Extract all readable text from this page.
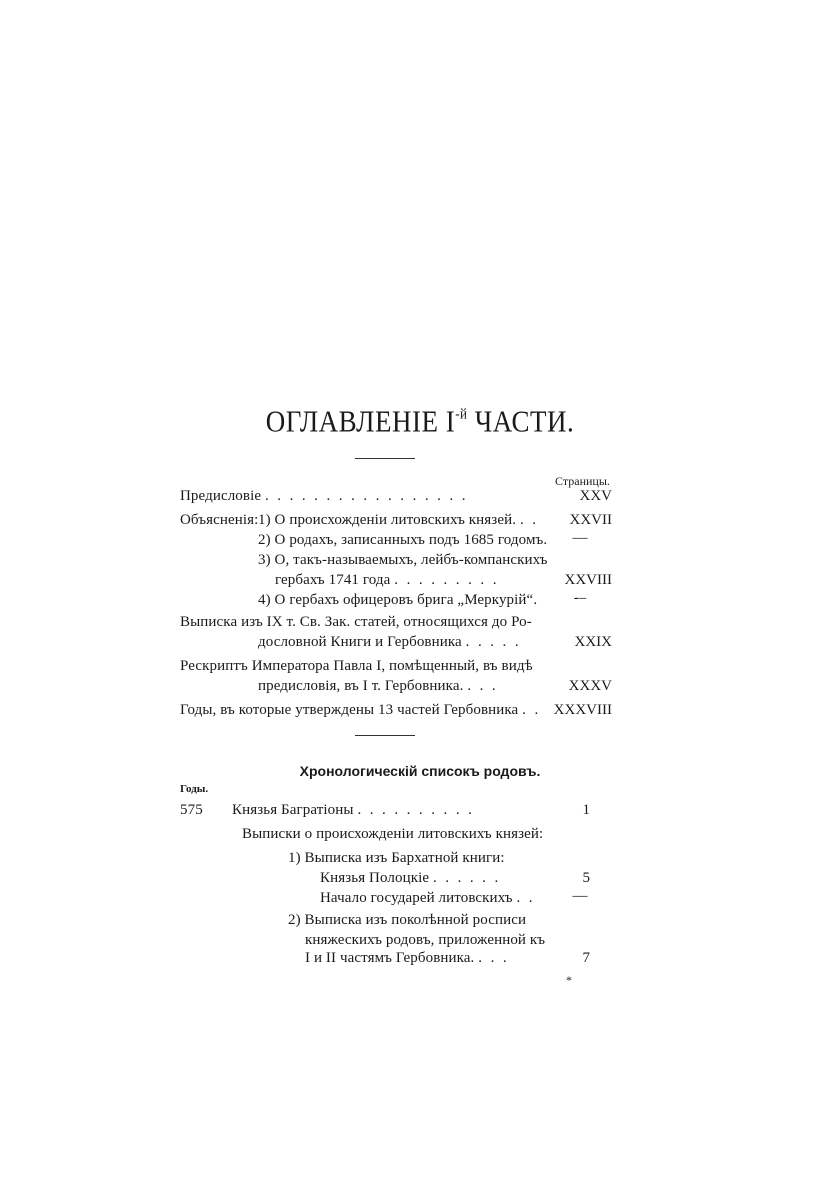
ОГЛАВЛЕНІЕ $I^{-й}$ ЧАСТИ.
Страницы.
Предисловіе . . . . . . . . . . . . . . . . .	XXV
Объясненія: 1) О происхожденіи литовскихъ князей. . .	XXVII
2) О родахъ, записанныхъ подъ 1685 годомъ.	—
3) О, такъ-называемыхъ, лейбъ-компанскихъ
гербахъ 1741 года . . . . . . . . .	XXVIII
4) О гербахъ офицеровъ брига „Меркурій“.	-–
Выписка изъ IX т. Св. Зак. статей, относящихся до Ро-
дословной Книги и Гербовника . . . . .	XXIX
Рескриптъ Императора Павла I, помѣщенный, въ видѣ
предисловія, въ I т. Гербовника. . . .	XXXV
Годы, въ которые утверждены 13 частей Гербовника . . XXXVIII
Хронологическій списокъ родовъ.
Годы.
575 Князья Багратіоны . . . . . . . . . .	1
Выписки о происхожденіи литовскихъ князей:
1) Выписка изъ Бархатной книги:
Князья Полоцкіе . . . . . .	5
Начало государей литовскихъ . .	—
2) Выписка изъ поколѣнной росписи
княжескихъ родовъ, приложенной къ
I и II частямъ Гербовника. . . .	7
*
